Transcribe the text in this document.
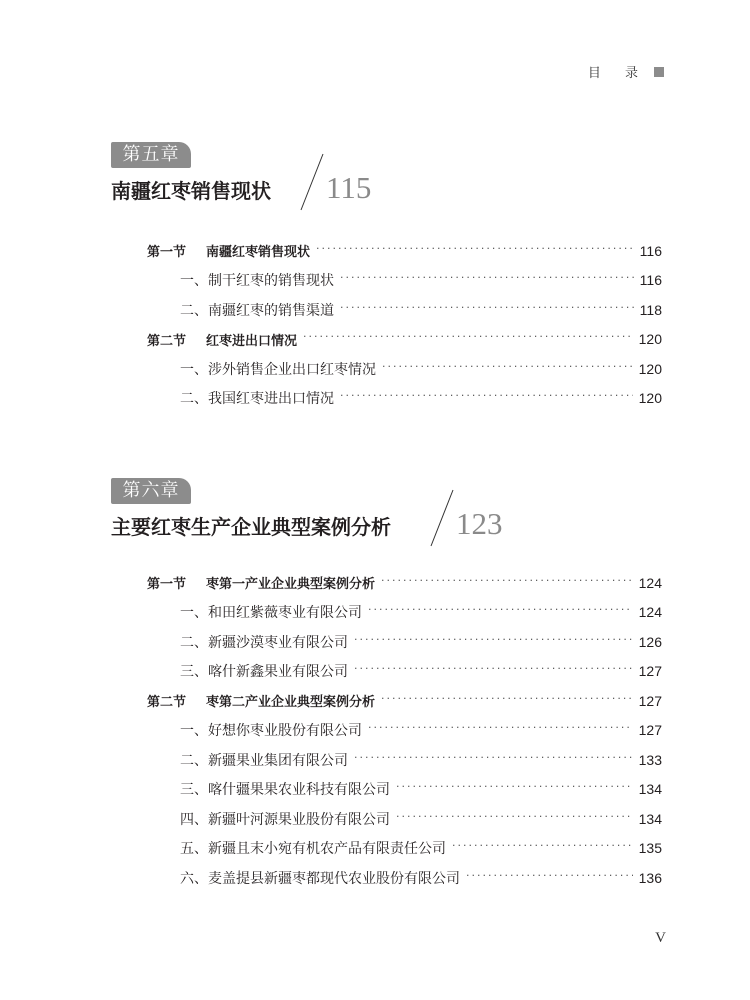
目 录
第五章
南疆红枣销售现状 115
第一节 南疆红枣销售现状 ·····	116
一、制干红枣的销售现状 ·····	116
二、南疆红枣的销售渠道 ·····	118
第二节 红枣进出口情况 ·····	120
一、涉外销售企业出口红枣情况 ·····	120
二、我国红枣进出口情况 ·····	120
第六章
主要红枣生产企业典型案例分析 123
第一节 枣第一产业企业典型案例分析 ·····	124
一、和田红紫薇枣业有限公司 ·····	124
二、新疆沙漠枣业有限公司 ·····	126
三、喀什新鑫果业有限公司 ·····	127
第二节 枣第二产业企业典型案例分析 ·····	127
一、好想你枣业股份有限公司 ·····	127
二、新疆果业集团有限公司 ·····	133
三、喀什疆果果农业科技有限公司 ·····	134
四、新疆叶河源果业股份有限公司 ·····	134
五、新疆且末小宛有机农产品有限责任公司 ·····	135
六、麦盖提县新疆枣都现代农业股份有限公司 ·····	136
V
